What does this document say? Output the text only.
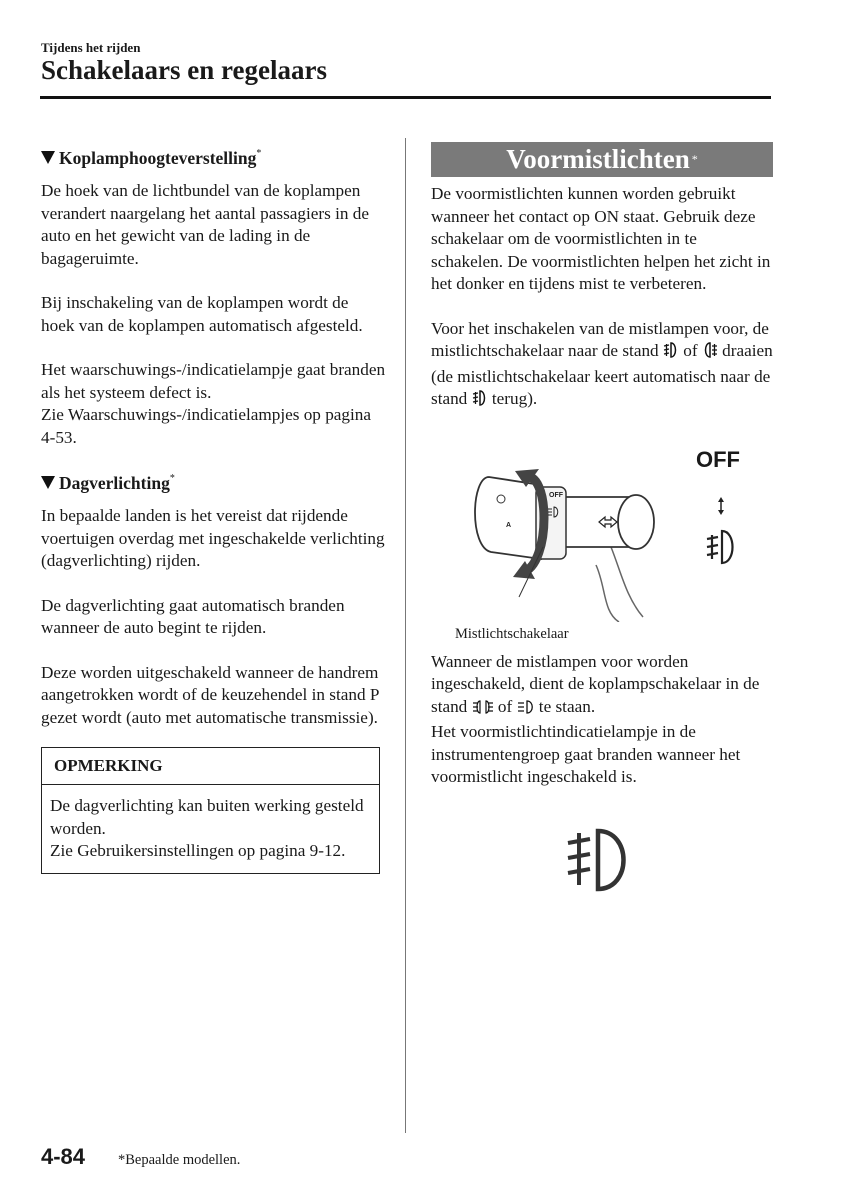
Tijdens het rijden
Schakelaars en regelaars
Koplamphoogteverstelling*

De hoek van de lichtbundel van de koplampen verandert naargelang het aantal passagiers in de auto en het gewicht van de lading in de bagageruimte.

Bij inschakeling van de koplampen wordt de hoek van de koplampen automatisch afgesteld.

Het waarschuwings-/indicatielampje gaat branden als het systeem defect is.

Zie Waarschuwings-/indicatielampjes op pagina 4-53.

Dagverlichting*

In bepaalde landen is het vereist dat rijdende voertuigen overdag met ingeschakelde verlichting (dagverlichting) rijden.

De dagverlichting gaat automatisch branden wanneer de auto begint te rijden.

Deze worden uitgeschakeld wanneer de handrem aangetrokken wordt of de keuzehendel in stand P gezet wordt (auto met automatische transmissie).

OPMERKING
De dagverlichting kan buiten werking gesteld worden.
Zie Gebruikersinstellingen op pagina 9-12.
Voormistlichten *

De voormistlichten kunnen worden gebruikt wanneer het contact op ON staat. Gebruik deze schakelaar om de voormistlichten in te schakelen. De voormistlichten helpen het zicht in het donker en tijdens mist te verbeteren.

Voor het inschakelen van de mistlampen voor, de mistlichtschakelaar naar de stand of draaien (de mistlichtschakelaar keert automatisch naar de stand terug).

A
OFF
OFF
Mistlichtschakelaar

Wanneer de mistlampen voor worden ingeschakeld, dient de koplampschakelaar in de stand of te staan.
Het voormistlichtindicatielampje in de instrumentengroep gaat branden wanneer het voormistlicht ingeschakeld is.

4-84 *Bepaalde modellen.
